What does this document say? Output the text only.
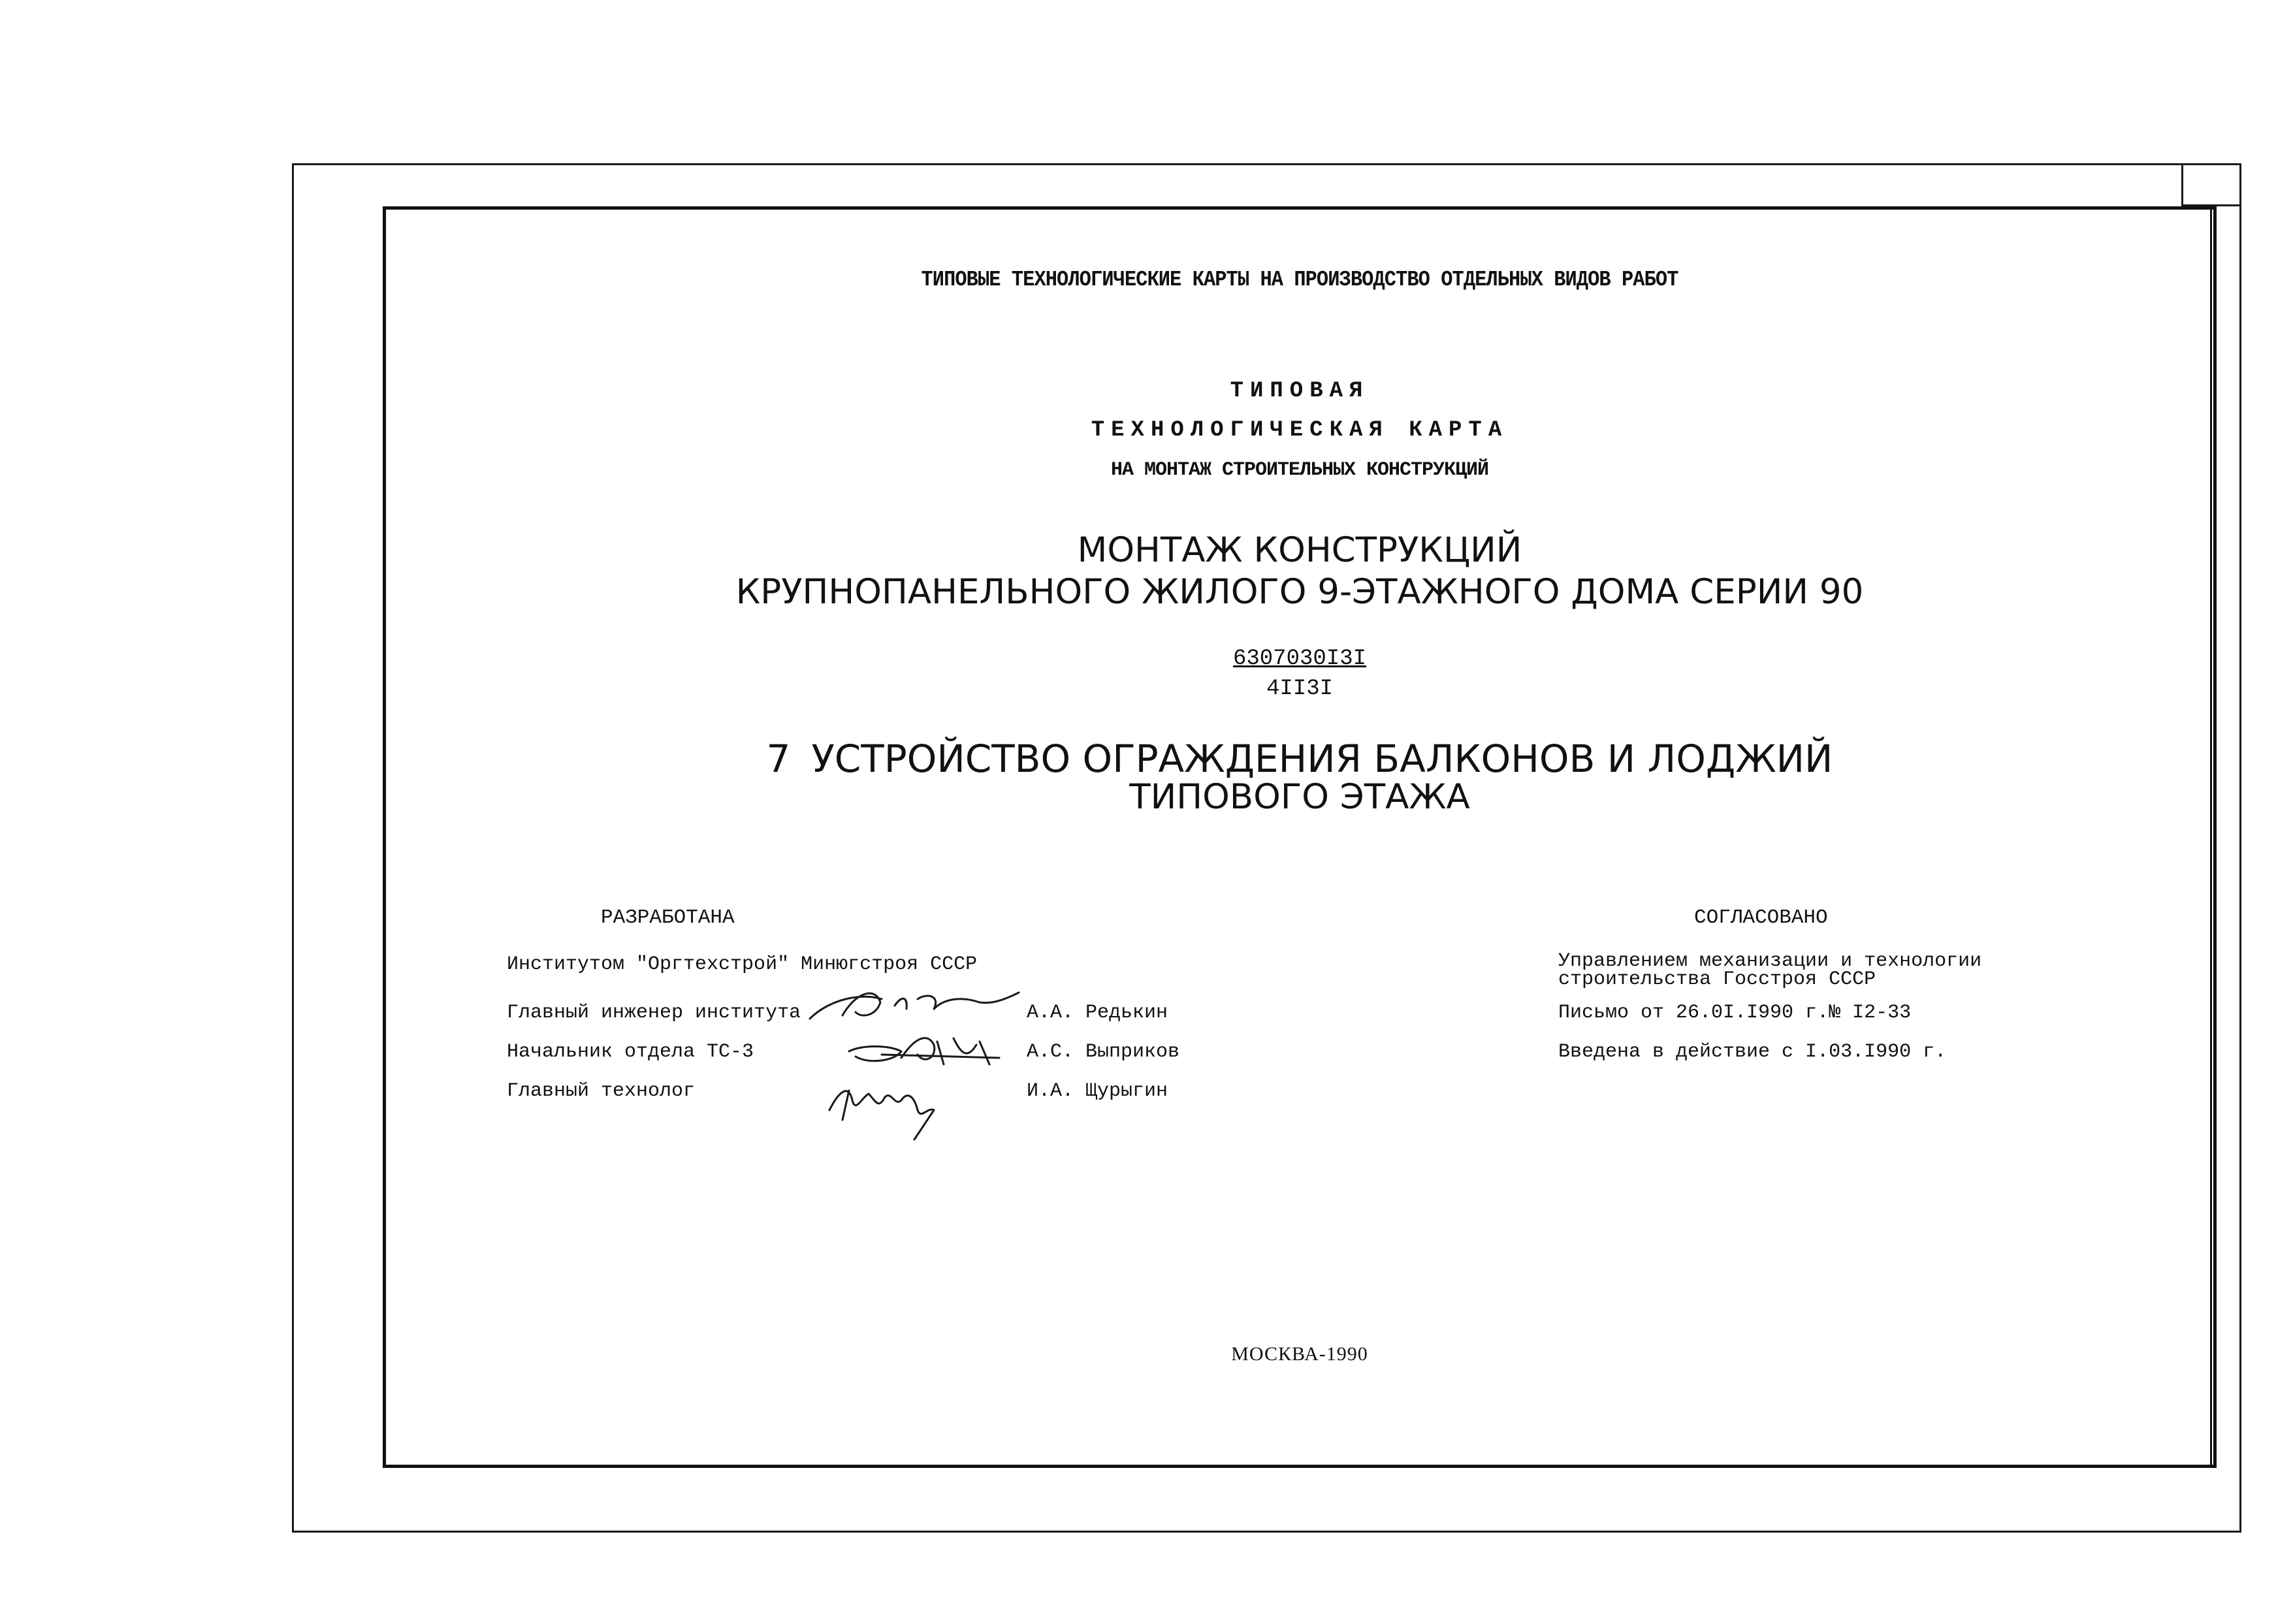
ТИПОВЫЕ ТЕХНОЛОГИЧЕСКИЕ КАРТЫ НА ПРОИЗВОДСТВО ОТДЕЛЬНЫХ ВИДОВ РАБОТ
ТИПОВАЯ
ТЕХНОЛОГИЧЕСКАЯ КАРТА
НА МОНТАЖ СТРОИТЕЛЬНЫХ КОНСТРУКЦИЙ
МОНТАЖ КОНСТРУКЦИЙ
КРУПНОПАНЕЛЬНОГО ЖИЛОГО 9-ЭТАЖНОГО ДОМА СЕРИИ 90
6307030I3I
4II3I
7 УСТРОЙСТВО ОГРАЖДЕНИЯ БАЛКОНОВ И ЛОДЖИЙ
ТИПОВОГО ЭТАЖА
РАЗРАБОТАНА
Институтом "Оргтехстрой" Минюгстроя СССР
Главный инженер института	А.А. Редькин
Начальник отдела ТС-3	А.С. Выприков
Главный технолог	И.А. Щурыгин
СОГЛАСОВАНО
Управлением механизации и технологии
строительства Госстроя СССР
Письмо от 26.0I.I990 г.№ I2-33
Введена в действие с I.03.I990 г.
МОСКВА-1990
